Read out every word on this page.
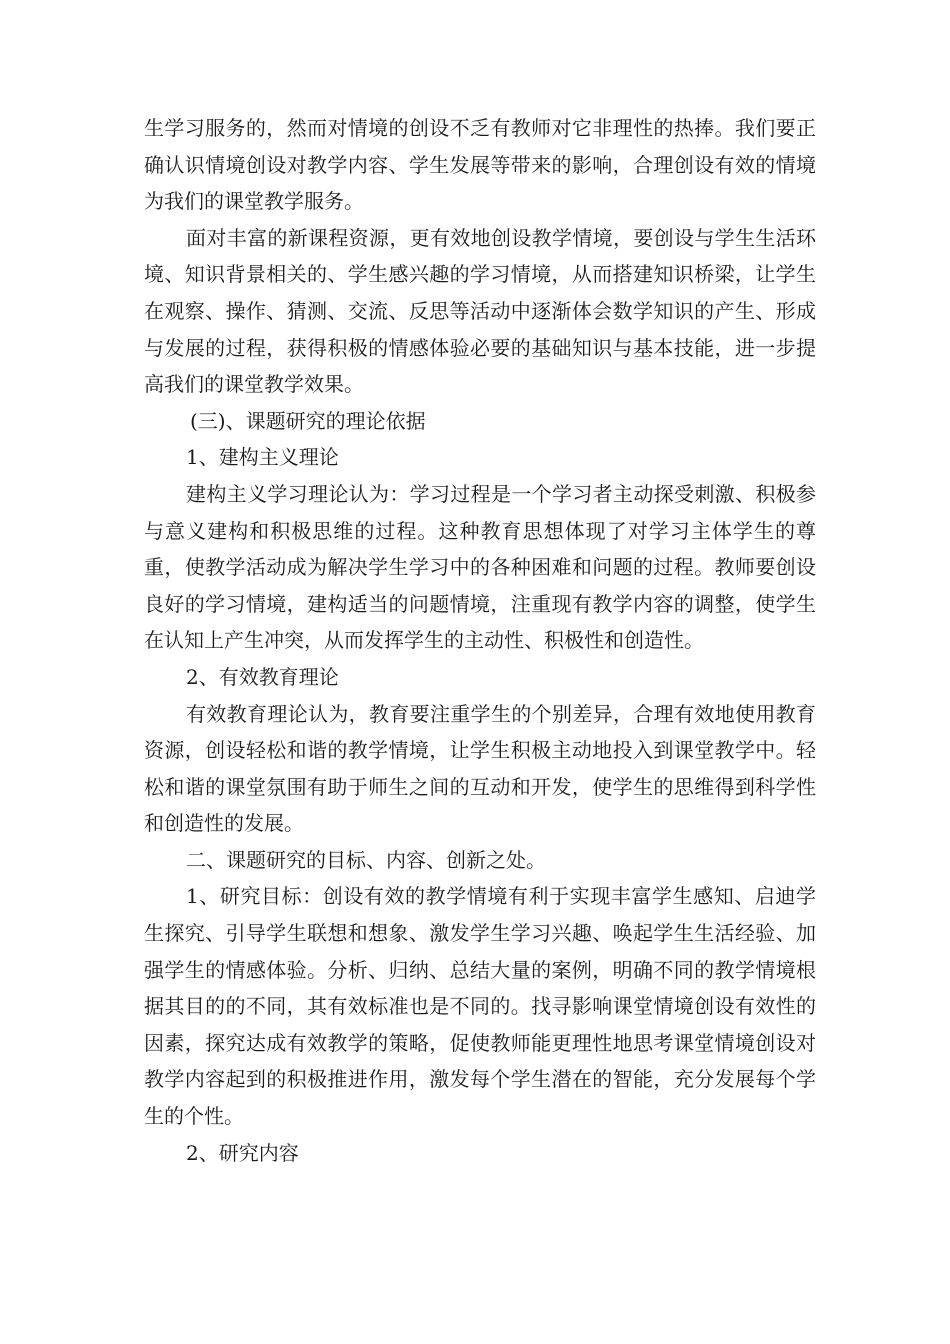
生学习服务的，然而对情境的创设不乏有教师对它非理性的热捧。我们要正确认识情境创设对教学内容、学生发展等带来的影响，合理创设有效的情境为我们的课堂教学服务。

面对丰富的新课程资源，更有效地创设教学情境，要创设与学生生活环境、知识背景相关的、学生感兴趣的学习情境，从而搭建知识桥梁，让学生在观察、操作、猜测、交流、反思等活动中逐渐体会数学知识的产生、形成与发展的过程，获得积极的情感体验必要的基础知识与基本技能，进一步提高我们的课堂教学效果。

(三)、课题研究的理论依据

1、建构主义理论

建构主义学习理论认为：学习过程是一个学习者主动探受刺激、积极参与意义建构和积极思维的过程。这种教育思想体现了对学习主体学生的尊重，使教学活动成为解决学生学习中的各种困难和问题的过程。教师要创设良好的学习情境，建构适当的问题情境，注重现有教学内容的调整，使学生在认知上产生冲突，从而发挥学生的主动性、积极性和创造性。

2、有效教育理论

有效教育理论认为，教育要注重学生的个别差异，合理有效地使用教育资源，创设轻松和谐的教学情境，让学生积极主动地投入到课堂教学中。轻松和谐的课堂氛围有助于师生之间的互动和开发，使学生的思维得到科学性和创造性的发展。

二、课题研究的目标、内容、创新之处。

1、研究目标：创设有效的教学情境有利于实现丰富学生感知、启迪学生探究、引导学生联想和想象、激发学生学习兴趣、唤起学生生活经验、加强学生的情感体验。分析、归纳、总结大量的案例，明确不同的教学情境根据其目的的不同，其有效标准也是不同的。找寻影响课堂情境创设有效性的因素，探究达成有效教学的策略，促使教师能更理性地思考课堂情境创设对教学内容起到的积极推进作用，激发每个学生潜在的智能，充分发展每个学生的个性。

2、研究内容
